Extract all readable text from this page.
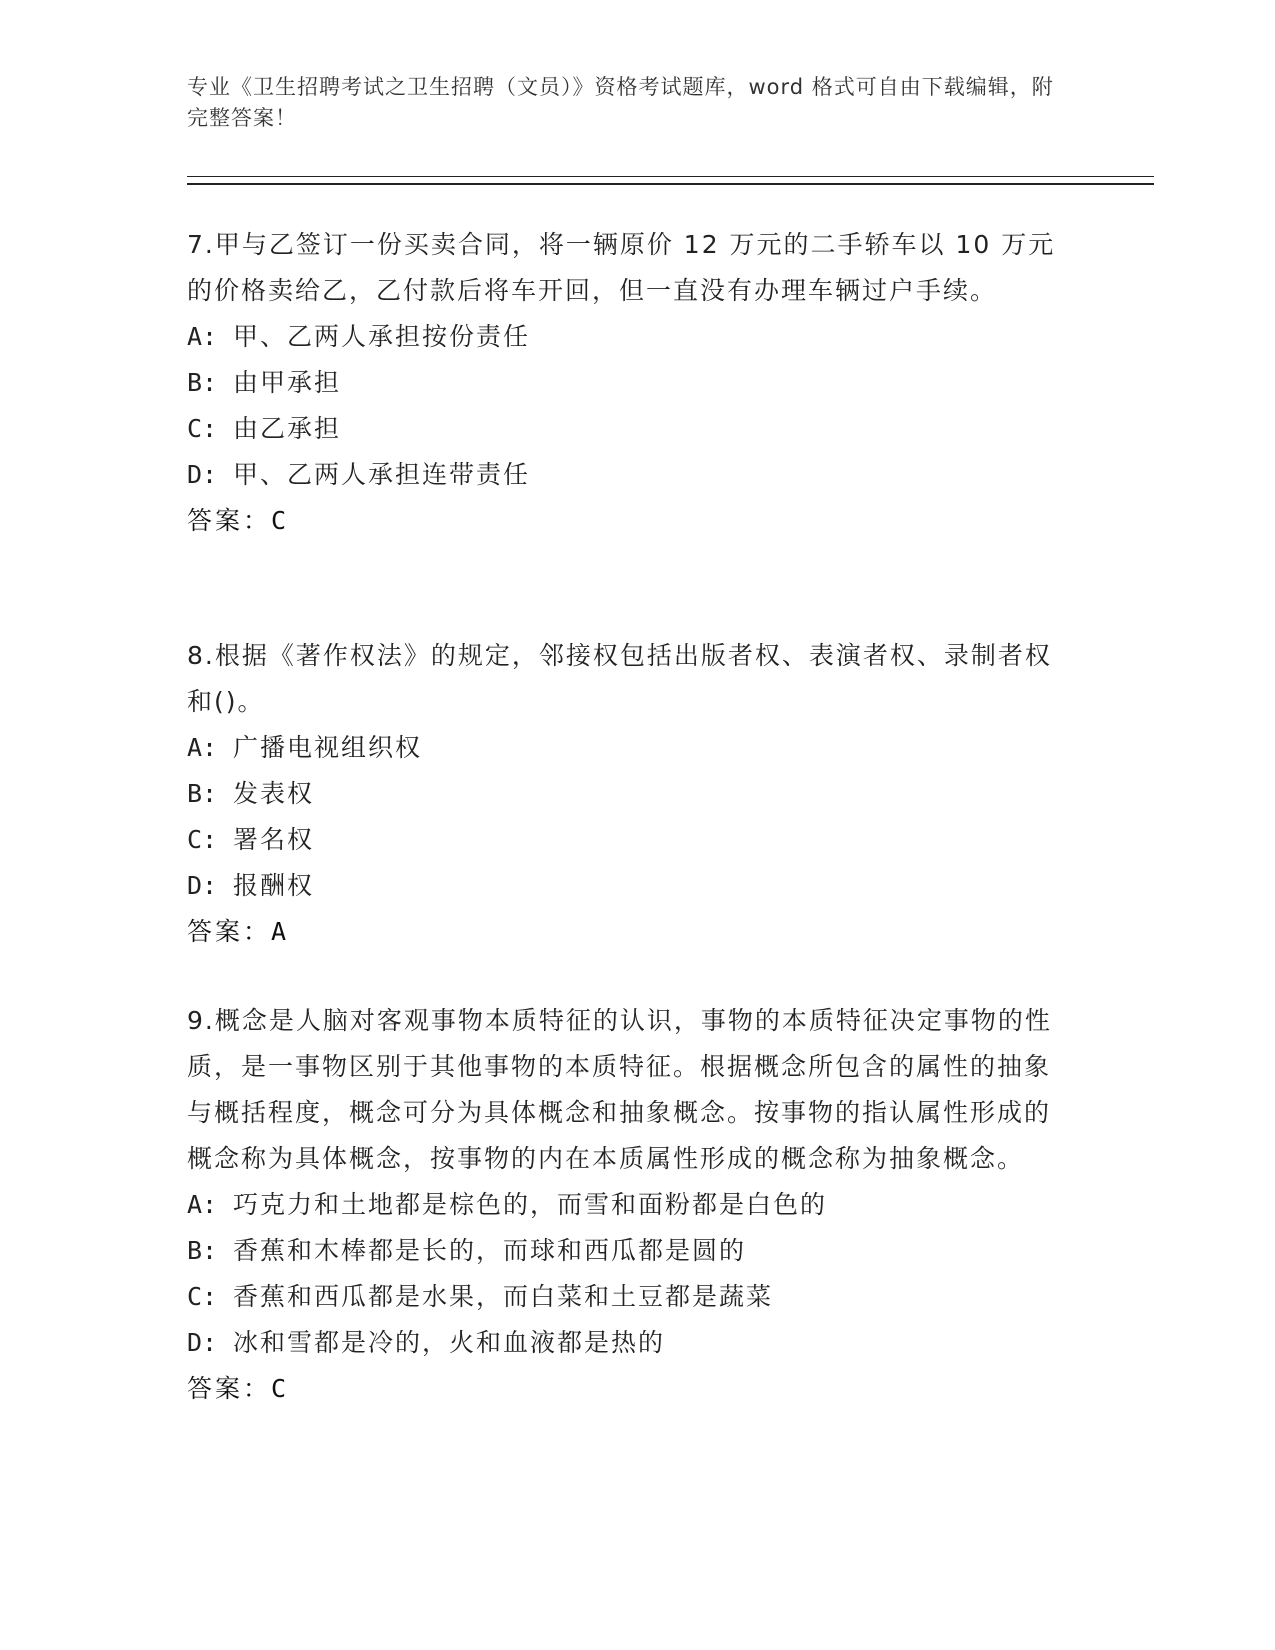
专业《卫生招聘考试之卫生招聘（文员）》资格考试题库，word 格式可自由下载编辑，附完整答案！

7.甲与乙签订一份买卖合同，将一辆原价 12 万元的二手轿车以 10 万元的价格卖给乙，乙付款后将车开回，但一直没有办理车辆过户手续。

A: 甲、乙两人承担按份责任
B: 由甲承担
C: 由乙承担
D: 甲、乙两人承担连带责任

答案：C

8.根据《著作权法》的规定，邻接权包括出版者权、表演者权、录制者权和()。

A: 广播电视组织权
B: 发表权
C: 署名权
D: 报酬权

答案：A

9.概念是人脑对客观事物本质特征的认识，事物的本质特征决定事物的性质，是一事物区别于其他事物的本质特征。根据概念所包含的属性的抽象与概括程度，概念可分为具体概念和抽象概念。按事物的指认属性形成的概念称为具体概念，按事物的内在本质属性形成的概念称为抽象概念。

A: 巧克力和土地都是棕色的，而雪和面粉都是白色的
B: 香蕉和木棒都是长的，而球和西瓜都是圆的
C: 香蕉和西瓜都是水果，而白菜和土豆都是蔬菜
D: 冰和雪都是冷的，火和血液都是热的

答案：C
